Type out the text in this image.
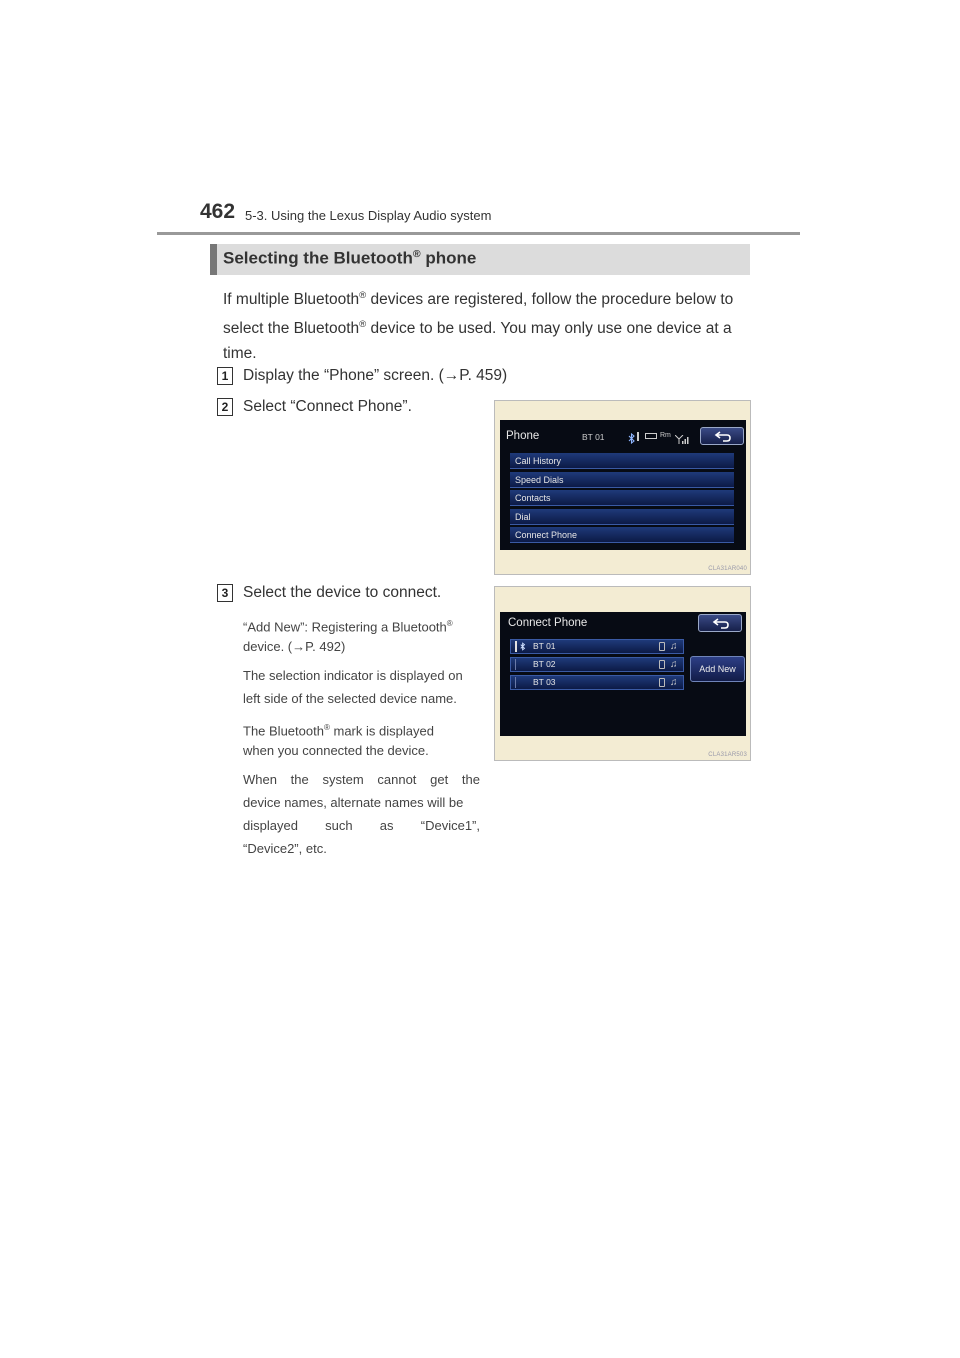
462 5-3. Using the Lexus Display Audio system
Selecting the Bluetooth® phone
If multiple Bluetooth® devices are registered, follow the procedure below to select the Bluetooth® device to be used. You may only use one device at a time.
1 Display the “Phone” screen. (→P. 459)
2 Select “Connect Phone”.
3 Select the device to connect.
“Add New”: Registering a Bluetooth®
device. (→P. 492)
The selection indicator is displayed on
left side of the selected device name.
The Bluetooth® mark is displayed
when you connected the device.
When the system cannot get the
device names, alternate names will be
displayed such as “Device1”,
“Device2”, etc.
Phone	BT 01	Rm
Call History
Speed Dials
Contacts
Dial
Connect Phone
CLA31AR040
Connect Phone
BT 01	♫
BT 02	♫
BT 03	♫
Add New
CLA31AR503
